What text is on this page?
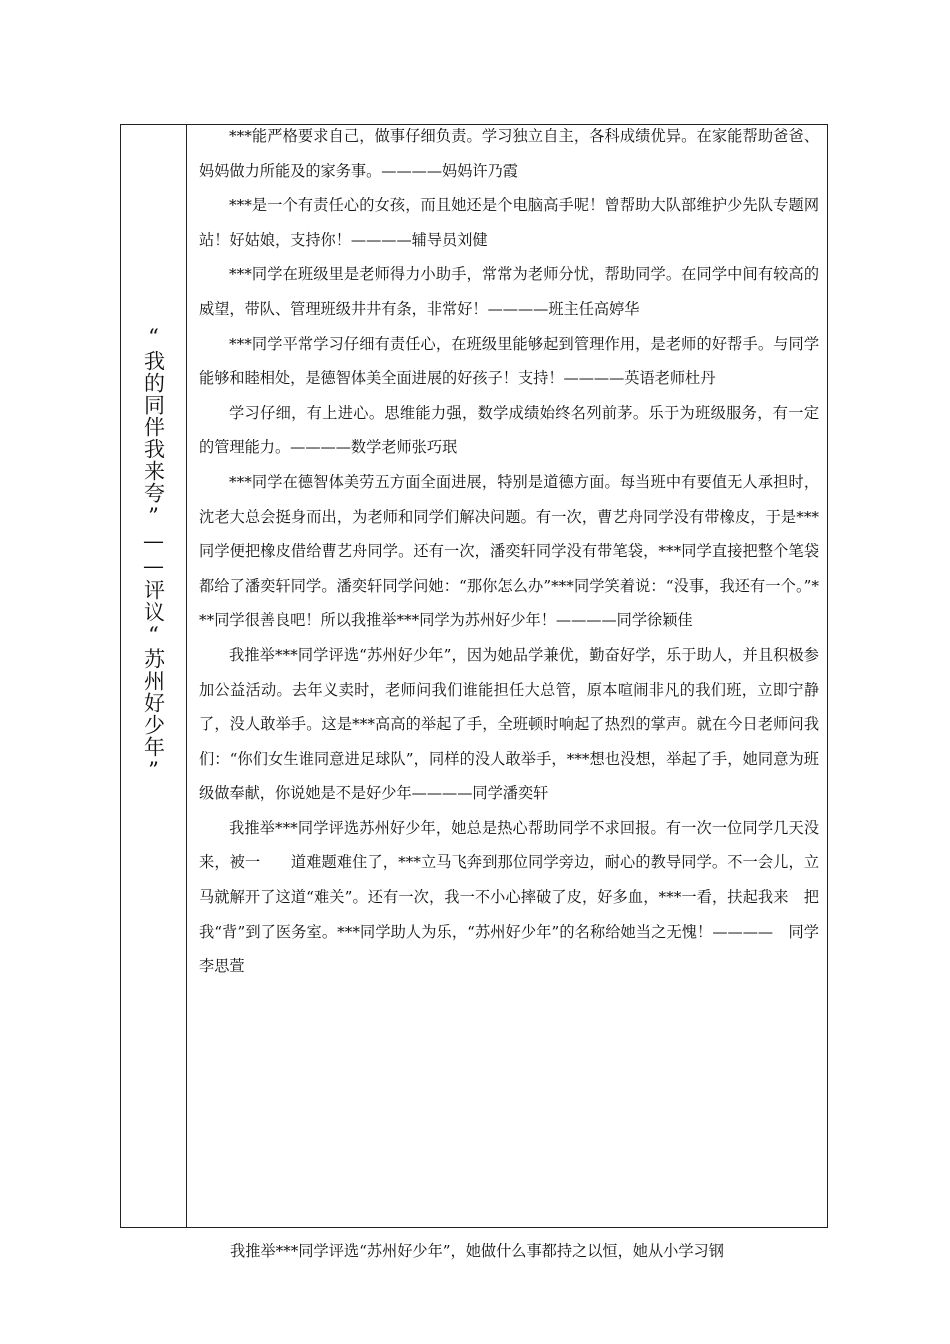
“我的同伴我来夸”——评议“苏州好少年”

***能严格要求自己，做事仔细负责。学习独立自主，各科成绩优异。在家能帮助爸爸、妈妈做力所能及的家务事。————妈妈许乃霞

***是一个有责任心的女孩，而且她还是个电脑高手呢！曾帮助大队部维护少先队专题网站！好姑娘，支持你！————辅导员刘健

***同学在班级里是老师得力小助手，常常为老师分忧，帮助同学。在同学中间有较高的威望，带队、管理班级井井有条，非常好！————班主任高婷华

***同学平常学习仔细有责任心，在班级里能够起到管理作用，是老师的好帮手。与同学能够和睦相处，是德智体美全面进展的好孩子！支持！————英语老师杜丹

学习仔细，有上进心。思维能力强，数学成绩始终名列前茅。乐于为班级服务，有一定的管理能力。————数学老师张巧珉

***同学在德智体美劳五方面全面进展，特别是道德方面。每当班中有要值无人承担时，沈老大总会挺身而出，为老师和同学们解决问题。有一次，曹艺舟同学没有带橡皮，于是***同学便把橡皮借给曹艺舟同学。还有一次，潘奕轩同学没有带笔袋，***同学直接把整个笔袋都给了潘奕轩同学。潘奕轩同学问她：“那你怎么办”***同学笑着说：“没事，我还有一个。”***同学很善良吧！所以我推举***同学为苏州好少年！————同学徐颖佳

我推举***同学评选“苏州好少年”，因为她品学兼优，勤奋好学，乐于助人，并且积极参加公益活动。去年义卖时，老师问我们谁能担任大总管，原本喧闹非凡的我们班，立即宁静了，没人敢举手。这是***高高的举起了手，全班顿时响起了热烈的掌声。就在今日老师问我们：“你们女生谁同意进足球队”，同样的没人敢举手，***想也没想，举起了手，她同意为班级做奉献，你说她是不是好少年————同学潘奕轩

我推举***同学评选苏州好少年，她总是热心帮助同学不求回报。有一次一位同学几天没来，被一　　道难题难住了，***立马飞奔到那位同学旁边，耐心的教导同学。不一会儿，立马就解开了这道“难关”。还有一次，我一不小心摔破了皮，好多血，***一看，扶起我来　把我“背”到了医务室。***同学助人为乐，“苏州好少年”的名称给她当之无愧！————　同学李思萱

我推举***同学评选“苏州好少年”，她做什么事都持之以恒，她从小学习钢
